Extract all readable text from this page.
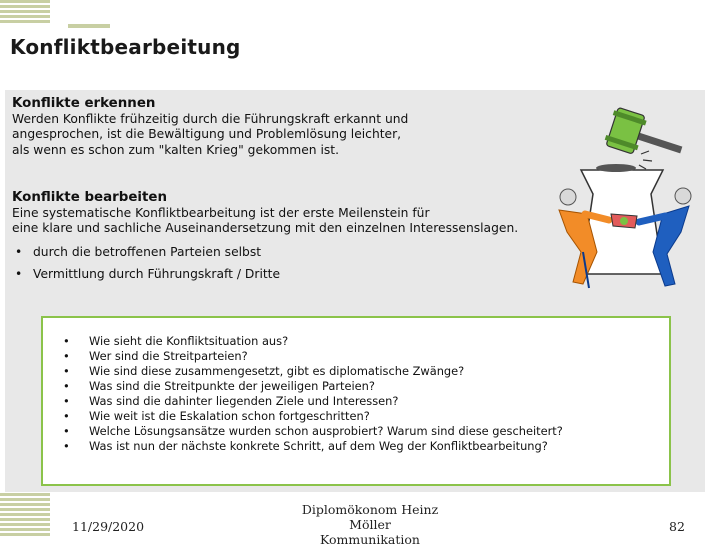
Konfliktbearbeitung
Konflikte erkennen
Werden Konflikte frühzeitig durch die Führungskraft erkannt und
angesprochen, ist die Bewältigung und Problemlösung leichter,
als wenn es schon zum "kalten Krieg" gekommen ist.
Konflikte bearbeiten
Eine systematische Konfliktbearbeitung ist der erste Meilenstein für
eine klare und sachliche Auseinandersetzung mit den einzelnen Interessenslagen.
• durch die betroffenen Parteien selbst
• Vermittlung durch Führungskraft / Dritte
• Wie sieht die Konfliktsituation aus?
• Wer sind die Streitparteien?
• Wie sind diese zusammengesetzt, gibt es diplomatische Zwänge?
• Was sind die Streitpunkte der jeweiligen Parteien?
• Was sind die dahinter liegenden Ziele und Interessen?
• Wie weit ist die Eskalation schon fortgeschritten?
• Welche Lösungsansätze wurden schon ausprobiert? Warum sind diese gescheitert?
• Was ist nun der nächste konkrete Schritt, auf dem Weg der Konfliktbearbeitung?
11/29/2020
Diplomökonom Heinz Möller
Kommunikation
82
